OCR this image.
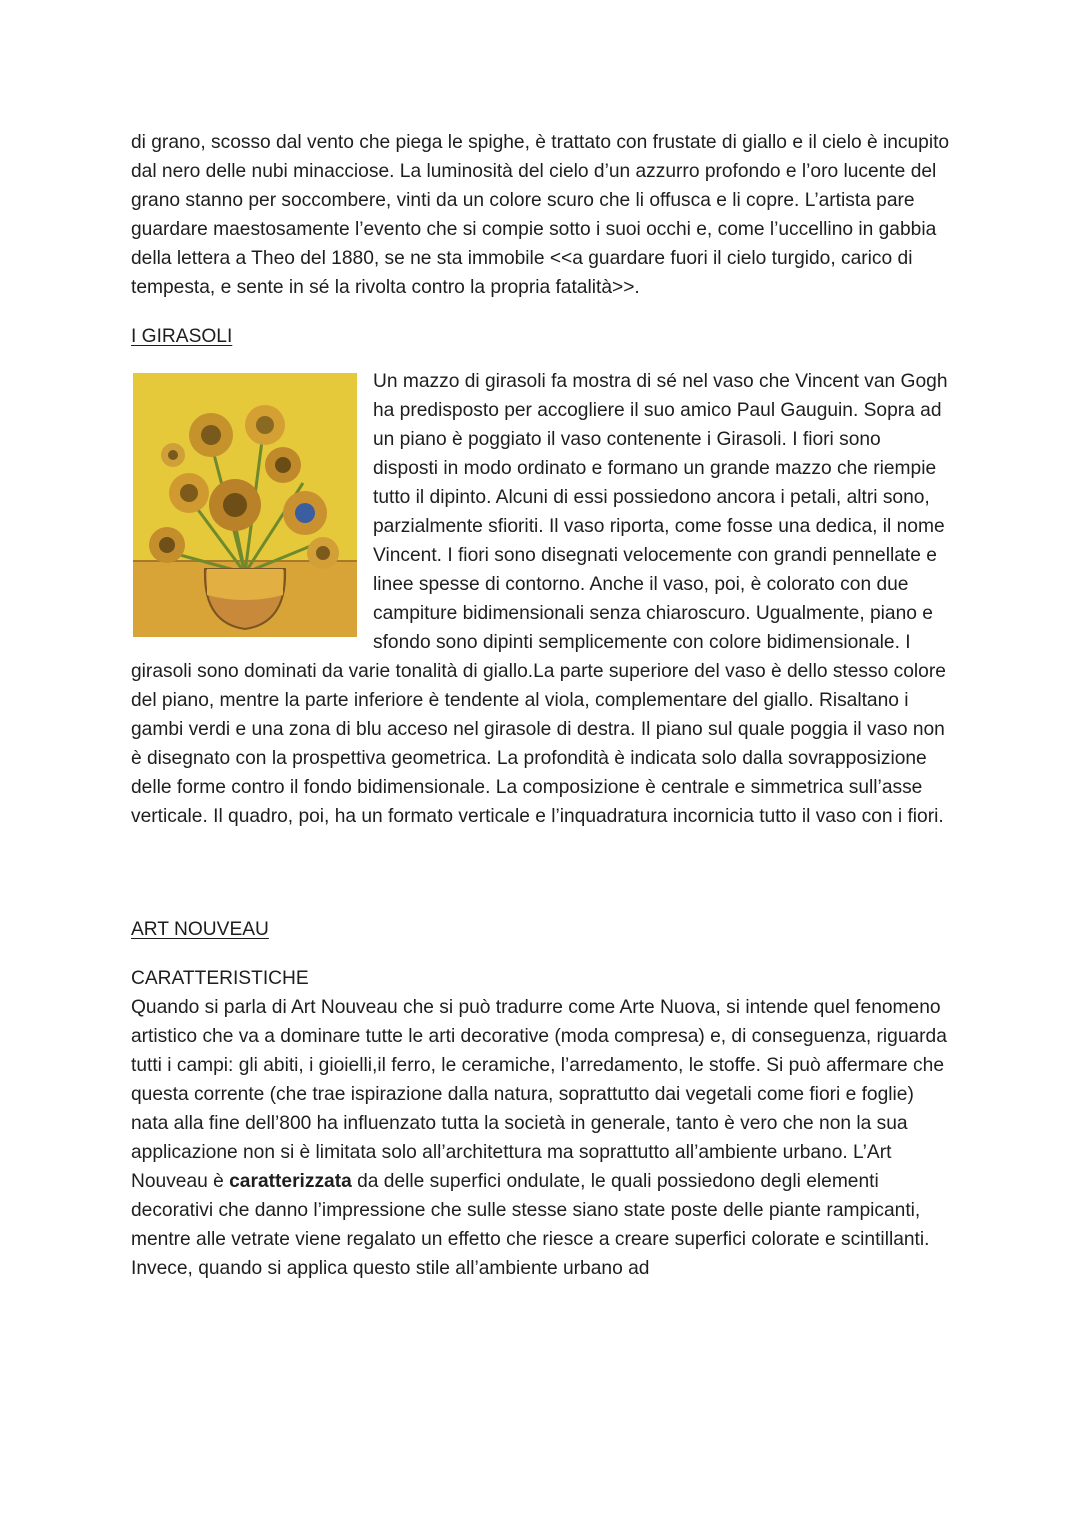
di grano, scosso dal vento che piega le spighe, è trattato con frustate di giallo e il cielo è incupito dal nero delle nubi minacciose. La luminosità del cielo d’un azzurro profondo e l’oro lucente del grano stanno per soccombere, vinti da un colore scuro che li offusca e li copre. L’artista pare guardare maestosamente l’evento che si compie sotto i suoi occhi e, come l’uccellino in gabbia della lettera a Theo del 1880, se ne sta immobile <<a guardare fuori il cielo turgido, carico di tempesta, e sente in sé la rivolta contro la propria fatalità>>.

I GIRASOLI

Un mazzo di girasoli fa mostra di sé nel vaso che Vincent van Gogh ha predisposto per accogliere il suo amico Paul Gauguin. Sopra ad un piano è poggiato il vaso contenente i Girasoli. I fiori sono disposti in modo ordinato e formano un grande mazzo che riempie tutto il dipinto. Alcuni di essi possiedono ancora i petali, altri sono, parzialmente sfioriti. Il vaso riporta, come fosse una dedica, il nome Vincent. I fiori sono disegnati velocemente con grandi pennellate e linee spesse di contorno. Anche il vaso, poi, è colorato con due campiture bidimensionali senza chiaroscuro. Ugualmente, piano e sfondo sono dipinti semplicemente con colore bidimensionale. I girasoli sono dominati da varie tonalità di giallo.La parte superiore del vaso è dello stesso colore del piano, mentre la parte inferiore è tendente al viola, complementare del giallo. Risaltano i gambi verdi e una zona di blu acceso nel girasole di destra. Il piano sul quale poggia il vaso non è disegnato con la prospettiva geometrica. La profondità è indicata solo dalla sovrapposizione delle forme contro il fondo bidimensionale. La composizione è centrale e simmetrica sull’asse verticale. Il quadro, poi, ha un formato verticale e l’inquadratura incornicia tutto il vaso con i fiori.

ART NOUVEAU

CARATTERISTICHE

Quando si parla di Art Nouveau che si può tradurre come Arte Nuova, si intende quel fenomeno artistico che va a dominare tutte le arti decorative (moda compresa) e, di conseguenza, riguarda tutti i campi: gli abiti, i gioielli,il ferro, le ceramiche, l’arredamento, le stoffe. Si può affermare che questa corrente (che trae ispirazione dalla natura, soprattutto dai vegetali come fiori e foglie) nata alla fine dell’800 ha influenzato tutta la società in generale, tanto è vero che non la sua applicazione non si è limitata solo all’architettura ma soprattutto all’ambiente urbano. L’Art Nouveau è caratterizzata da delle superfici ondulate, le quali possiedono degli elementi decorativi che danno l’impressione che sulle stesse siano state poste delle piante rampicanti, mentre alle vetrate viene regalato un effetto che riesce a creare superfici colorate e scintillanti. Invece, quando si applica questo stile all’ambiente urbano ad
